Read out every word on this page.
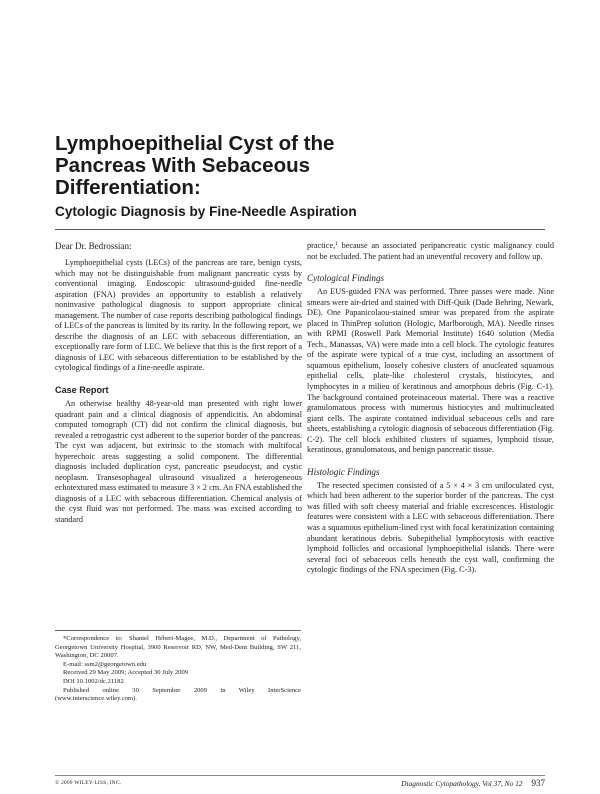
Lymphoepithelial Cyst of the
Pancreas With Sebaceous
Differentiation:
Cytologic Diagnosis by Fine-Needle Aspiration

Dear Dr. Bedrossian:

Lymphoepithelial cysts (LECs) of the pancreas are rare, benign cysts, which may not be distinguishable from malignant pancreatic cysts by conventional imaging. Endoscopic ultrasound-guided fine-needle aspiration (FNA) provides an opportunity to establish a relatively noninvasive pathological diagnosis to support appropriate clinical management. The number of case reports describing pathological findings of LECs of the pancreas is limited by its rarity. In the following report, we describe the diagnosis of an LEC with sebaceous differentiation, an exceptionally rare form of LEC. We believe that this is the first report of a diagnosis of LEC with sebaceous differentiation to be established by the cytological findings of a fine-needle aspirate.

Case Report

An otherwise healthy 48-year-old man presented with right lower quadrant pain and a clinical diagnosis of appendicitis. An abdominal computed tomograph (CT) did not confirm the clinical diagnosis, but revealed a retrogastric cyst adherent to the superior border of the pancreas. The cyst was adjacent, but extrinsic to the stomach with multifocal hyperechoic areas suggesting a solid component. The differential diagnosis included duplication cyst, pancreatic pseudocyst, and cystic neoplasm. Transesophageal ultrasound visualized a heterogeneous echotextured mass estimated to measure 3 × 2 cm. An FNA established the diagnosis of a LEC with sebaceous differentiation. Chemical analysis of the cyst fluid was not performed. The mass was excised according to standard

*Correspondence to: Shantel Hébert-Magee, M.D., Department of Pathology, Georgetown University Hospital, 3900 Reservoir RD, NW, Med-Dent Building, SW 211, Washington, DC 20007.

E-mail: ssm2@georgetown.edu

Received 29 May 2009; Accepted 30 July 2009

DOI 10.1002/dc.21182

Published online 30 September 2009 in Wiley InterScience (www.interscience.wiley.com).

practice,$^1$ because an associated peripancreatic cystic malignancy could not be excluded. The patient had an uneventful recovery and follow up.

Cytological Findings

An EUS-guided FNA was performed. Three passes were made. Nine smears were air-dried and stained with Diff-Quik (Dade Behring, Newark, DE). One Papanicolaou-stained smear was prepared from the aspirate placed in ThinPrep solution (Hologic, Marlborough, MA). Needle rinses with RPMI (Roswell Park Memorial Institute) 1640 solution (Media Tech., Manassas, VA) were made into a cell block. The cytologic features of the aspirate were typical of a true cyst, including an assortment of squamous epithelium, loosely cohesive clusters of anucleated squamous epithelial cells, plate-like cholesterol crystals, histiocytes, and lymphocytes in a milieu of keratinous and amorphous debris (Fig. C-1). The background contained proteinaceous material. There was a reactive granulomatous process with numerous histiocytes and multinucleated giant cells. The aspirate contained individual sebaceous cells and rare sheets, establishing a cytologic diagnosis of sebaceous differentiation (Fig. C-2). The cell block exhibited clusters of squames, lymphoid tissue, keratinous, granulomatous, and benign pancreatic tissue.

Histologic Findings

The resected specimen consisted of a 5 × 4 × 3 cm uniloculated cyst, which had been adherent to the superior border of the pancreas. The cyst was filled with soft cheesy material and friable excrescences. Histologic features were consistent with a LEC with sebaceous differentiation. There was a squamous epithelium-lined cyst with focal keratinization containing abundant keratinous debris. Subepithelial lymphocytosis with reactive lymphoid follicles and occasional lymphoepithelial islands. There were several foci of sebaceous cells beneath the cyst wall, confirming the cytologic findings of the FNA specimen (Fig. C-3).

© 2009 WILEY-LISS, INC.	Diagnostic Cytopathology, Vol 37, No 12 937
